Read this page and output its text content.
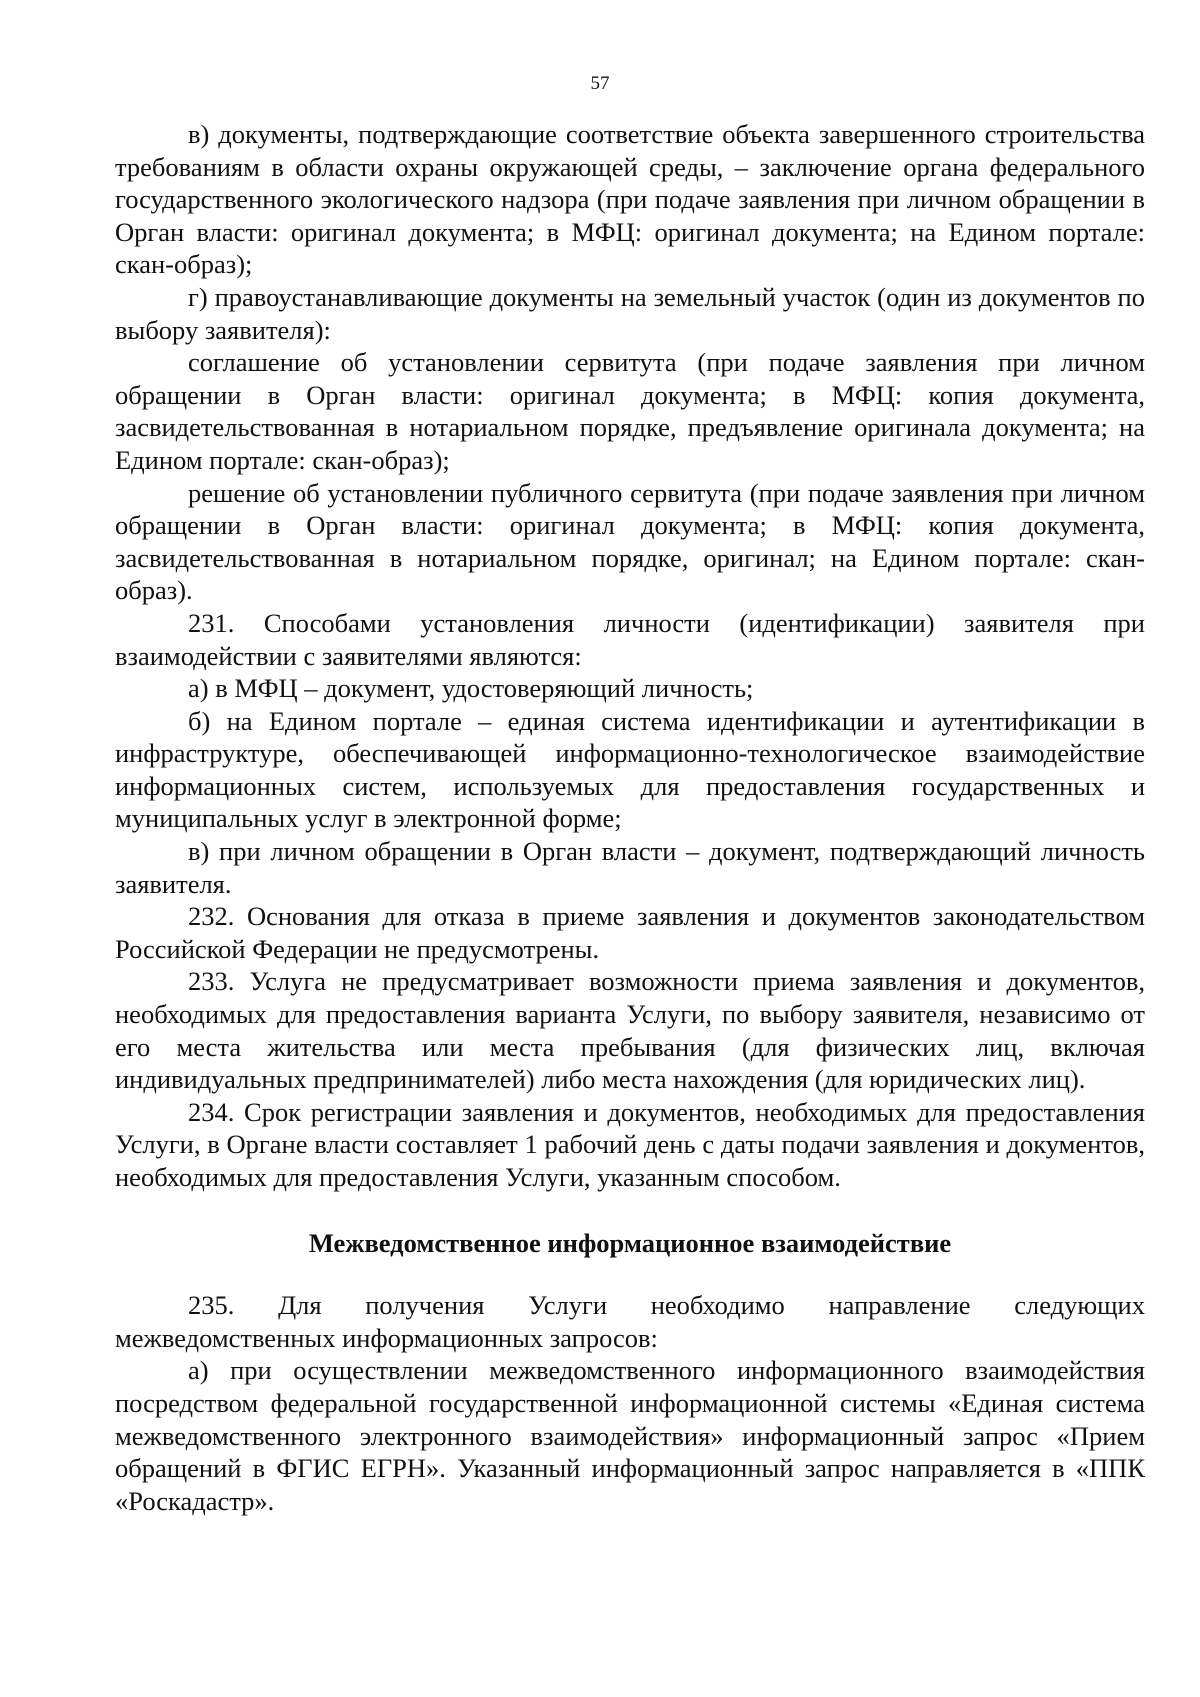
57

в) документы, подтверждающие соответствие объекта завершенного строительства требованиям в области охраны окружающей среды, – заключение органа федерального государственного экологического надзора (при подаче заявления при личном обращении в Орган власти: оригинал документа; в МФЦ: оригинал документа; на Едином портале: скан-образ);

г) правоустанавливающие документы на земельный участок (один из документов по выбору заявителя):

соглашение об установлении сервитута (при подаче заявления при личном обращении в Орган власти: оригинал документа; в МФЦ: копия документа, засвидетельствованная в нотариальном порядке, предъявление оригинала документа; на Едином портале: скан-образ);

решение об установлении публичного сервитута (при подаче заявления при личном обращении в Орган власти: оригинал документа; в МФЦ: копия документа, засвидетельствованная в нотариальном порядке, оригинал; на Едином портале: скан-образ).

231. Способами установления личности (идентификации) заявителя при взаимодействии с заявителями являются:

а) в МФЦ – документ, удостоверяющий личность;

б) на Едином портале – единая система идентификации и аутентификации в инфраструктуре, обеспечивающей информационно-технологическое взаимодействие информационных систем, используемых для предоставления государственных и муниципальных услуг в электронной форме;

в) при личном обращении в Орган власти – документ, подтверждающий личность заявителя.

232. Основания для отказа в приеме заявления и документов законодательством Российской Федерации не предусмотрены.

233. Услуга не предусматривает возможности приема заявления и документов, необходимых для предоставления варианта Услуги, по выбору заявителя, независимо от его места жительства или места пребывания (для физических лиц, включая индивидуальных предпринимателей) либо места нахождения (для юридических лиц).

234. Срок регистрации заявления и документов, необходимых для предоставления Услуги, в Органе власти составляет 1 рабочий день с даты подачи заявления и документов, необходимых для предоставления Услуги, указанным способом.

Межведомственное информационное взаимодействие

235. Для получения Услуги необходимо направление следующих межведомственных информационных запросов:

а) при осуществлении межведомственного информационного взаимодействия посредством федеральной государственной информационной системы «Единая система межведомственного электронного взаимодействия» информационный запрос «Прием обращений в ФГИС ЕГРН». Указанный информационный запрос направляется в «ППК «Роскадастр».
